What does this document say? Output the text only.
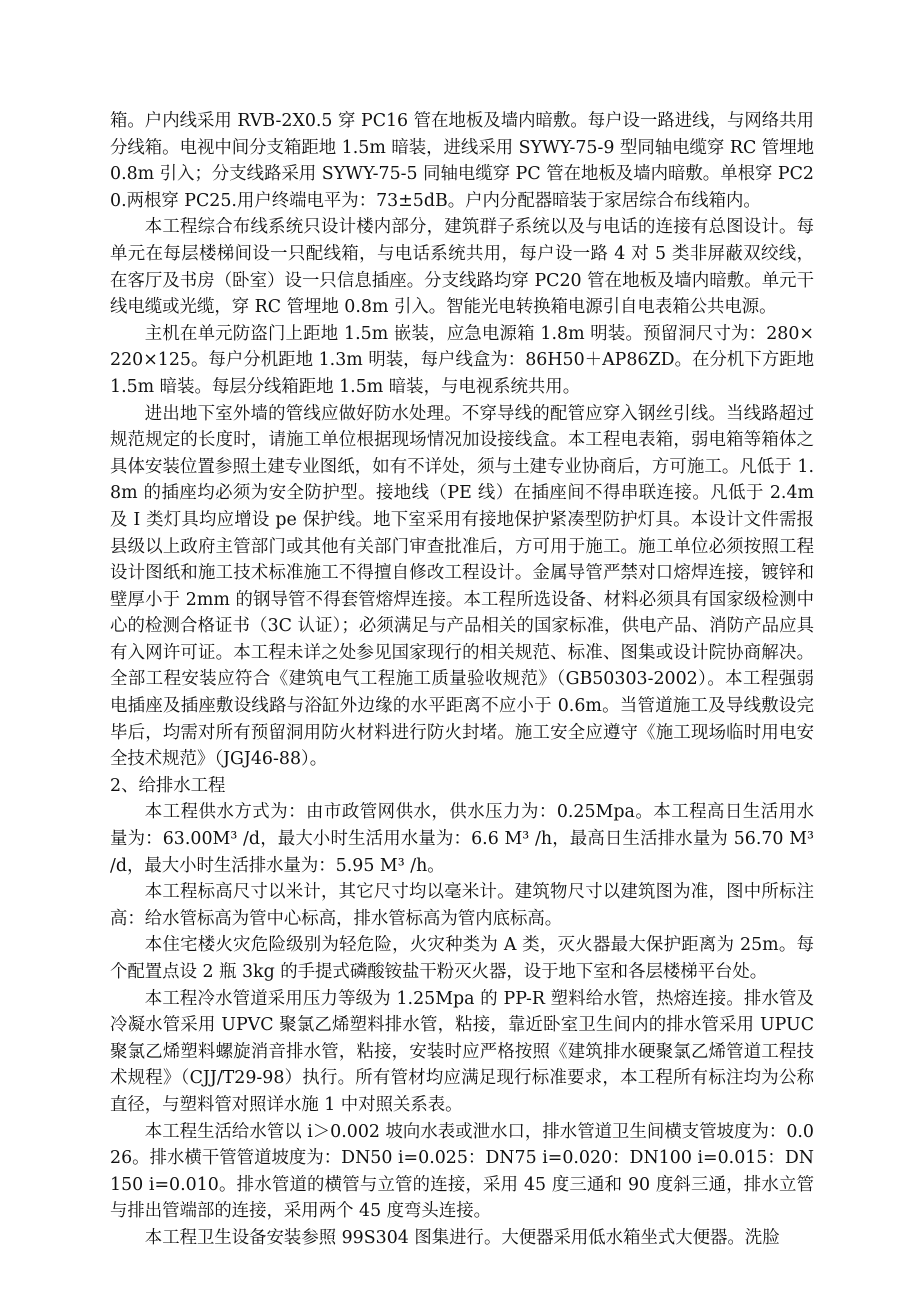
箱。户内线采用 RVB-2X0.5 穿 PC16 管在地板及墙内暗敷。每户设一路进线，与网络共用分线箱。电视中间分支箱距地 1.5m 暗装，进线采用 SYWY-75-9 型同轴电缆穿 RC 管埋地 0.8m 引入；分支线路采用 SYWY-75-5 同轴电缆穿 PC 管在地板及墙内暗敷。单根穿 PC20.两根穿 PC25.用户终端电平为：73±5dB。户内分配器暗装于家居综合布线箱内。

本工程综合布线系统只设计楼内部分，建筑群子系统以及与电话的连接有总图设计。每单元在每层楼梯间设一只配线箱，与电话系统共用，每户设一路 4 对 5 类非屏蔽双绞线，在客厅及书房（卧室）设一只信息插座。分支线路均穿 PC20 管在地板及墙内暗敷。单元干线电缆或光缆，穿 RC 管埋地 0.8m 引入。智能光电转换箱电源引自电表箱公共电源。

主机在单元防盗门上距地 1.5m 嵌装，应急电源箱 1.8m 明装。预留洞尺寸为：280×220×125。每户分机距地 1.3m 明装，每户线盒为：86H50＋AP86ZD。在分机下方距地 1.5m 暗装。每层分线箱距地 1.5m 暗装，与电视系统共用。

进出地下室外墙的管线应做好防水处理。不穿导线的配管应穿入钢丝引线。当线路超过规范规定的长度时，请施工单位根据现场情况加设接线盒。本工程电表箱，弱电箱等箱体之具体安装位置参照土建专业图纸，如有不详处，须与土建专业协商后，方可施工。凡低于 1.8m 的插座均必须为安全防护型。接地线（PE 线）在插座间不得串联连接。凡低于 2.4m 及 I 类灯具均应增设 pe 保护线。地下室采用有接地保护紧凑型防护灯具。本设计文件需报县级以上政府主管部门或其他有关部门审查批准后，方可用于施工。施工单位必须按照工程设计图纸和施工技术标准施工不得擅自修改工程设计。金属导管严禁对口熔焊连接，镀锌和壁厚小于 2mm 的钢导管不得套管熔焊连接。本工程所选设备、材料必须具有国家级检测中心的检测合格证书（3C 认证）；必须满足与产品相关的国家标准，供电产品、消防产品应具有入网许可证。本工程未详之处参见国家现行的相关规范、标准、图集或设计院协商解决。全部工程安装应符合《建筑电气工程施工质量验收规范》（GB50303-2002）。本工程强弱电插座及插座敷设线路与浴缸外边缘的水平距离不应小于 0.6m。当管道施工及导线敷设完毕后，均需对所有预留洞用防火材料进行防火封堵。施工安全应遵守《施工现场临时用电安全技术规范》（JGJ46-88）。

2、给排水工程

本工程供水方式为：由市政管网供水，供水压力为：0.25Mpa。本工程高日生活用水量为：63.00M³ /d，最大小时生活用水量为：6.6 M³ /h，最高日生活排水量为 56.70 M³ /d，最大小时生活排水量为：5.95 M³ /h。

本工程标高尺寸以米计，其它尺寸均以毫米计。建筑物尺寸以建筑图为准，图中所标注高：给水管标高为管中心标高，排水管标高为管内底标高。

本住宅楼火灾危险级别为轻危险，火灾种类为 A 类，灭火器最大保护距离为 25m。每个配置点设 2 瓶 3kg 的手提式磷酸铵盐干粉灭火器，设于地下室和各层楼梯平台处。

本工程冷水管道采用压力等级为 1.25Mpa 的 PP-R 塑料给水管，热熔连接。排水管及冷凝水管采用 UPVC 聚氯乙烯塑料排水管，粘接，靠近卧室卫生间内的排水管采用 UPUC 聚氯乙烯塑料螺旋消音排水管，粘接，安装时应严格按照《建筑排水硬聚氯乙烯管道工程技术规程》（CJJ/T29-98）执行。所有管材均应满足现行标准要求，本工程所有标注均为公称直径，与塑料管对照详水施 1 中对照关系表。

本工程生活给水管以 i＞0.002 坡向水表或泄水口，排水管道卫生间横支管坡度为：0.026。排水横干管管道坡度为：DN50 i=0.025：DN75 i=0.020：DN100 i=0.015：DN150 i=0.010。排水管道的横管与立管的连接，采用 45 度三通和 90 度斜三通，排水立管与排出管端部的连接，采用两个 45 度弯头连接。

本工程卫生设备安装参照 99S304 图集进行。大便器采用低水箱坐式大便器。洗脸
